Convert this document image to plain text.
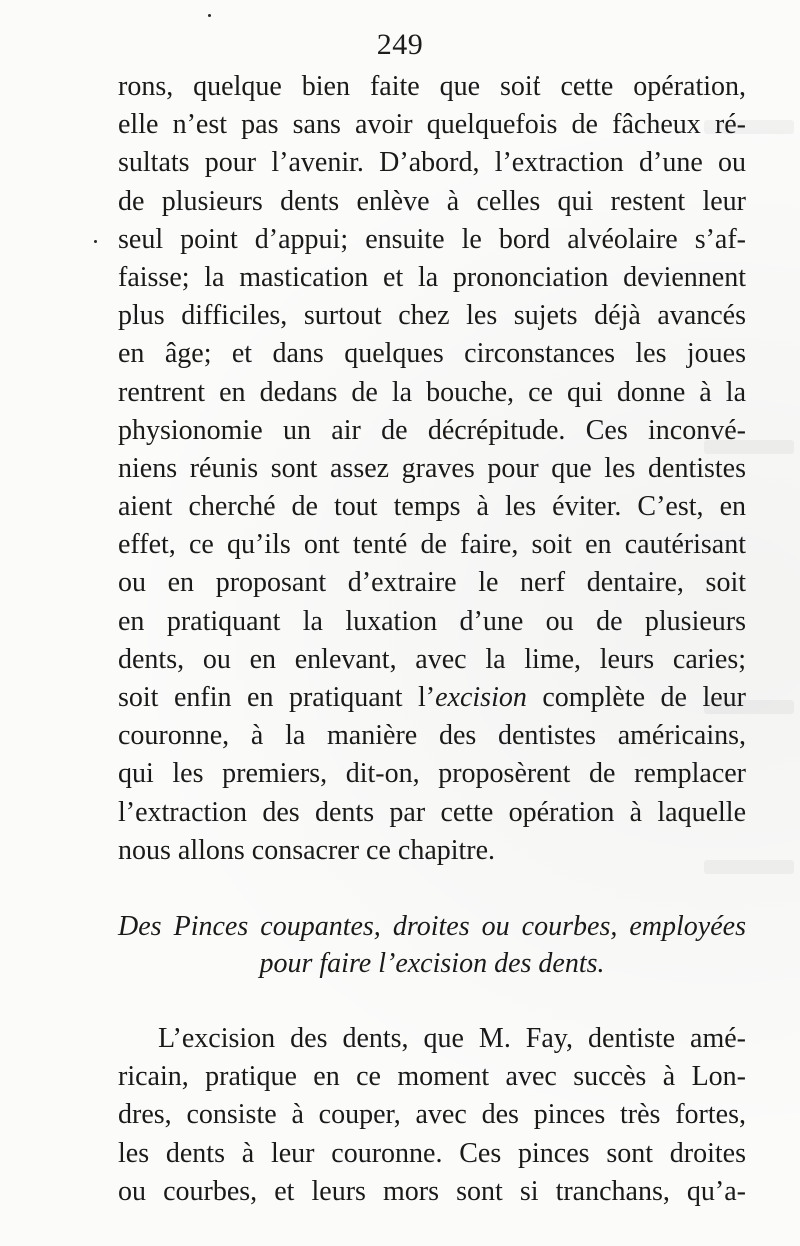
249
rons, quelque bien faite que soit cette opération,
elle n’est pas sans avoir quelquefois de fâcheux ré-
sultats pour l’avenir. D’abord, l’extraction d’une ou
de plusieurs dents enlève à celles qui restent leur
seul point d’appui; ensuite le bord alvéolaire s’af-
faisse; la mastication et la prononciation deviennent
plus difficiles, surtout chez les sujets déjà avancés
en âge; et dans quelques circonstances les joues
rentrent en dedans de la bouche, ce qui donne à la
physionomie un air de décrépitude. Ces inconvé-
niens réunis sont assez graves pour que les dentistes
aient cherché de tout temps à les éviter. C’est, en
effet, ce qu’ils ont tenté de faire, soit en cautérisant
ou en proposant d’extraire le nerf dentaire, soit
en pratiquant la luxation d’une ou de plusieurs
dents, ou en enlevant, avec la lime, leurs caries;
soit enfin en pratiquant l’excision complète de leur
couronne, à la manière des dentistes américains,
qui les premiers, dit-on, proposèrent de remplacer
l’extraction des dents par cette opération à laquelle
nous allons consacrer ce chapitre.
Des Pinces coupantes, droites ou courbes, employées
pour faire l’excision des dents.
L’excision des dents, que M. Fay, dentiste amé-
ricain, pratique en ce moment avec succès à Lon-
dres, consiste à couper, avec des pinces très fortes,
les dents à leur couronne. Ces pinces sont droites
ou courbes, et leurs mors sont si tranchans, qu’a-
